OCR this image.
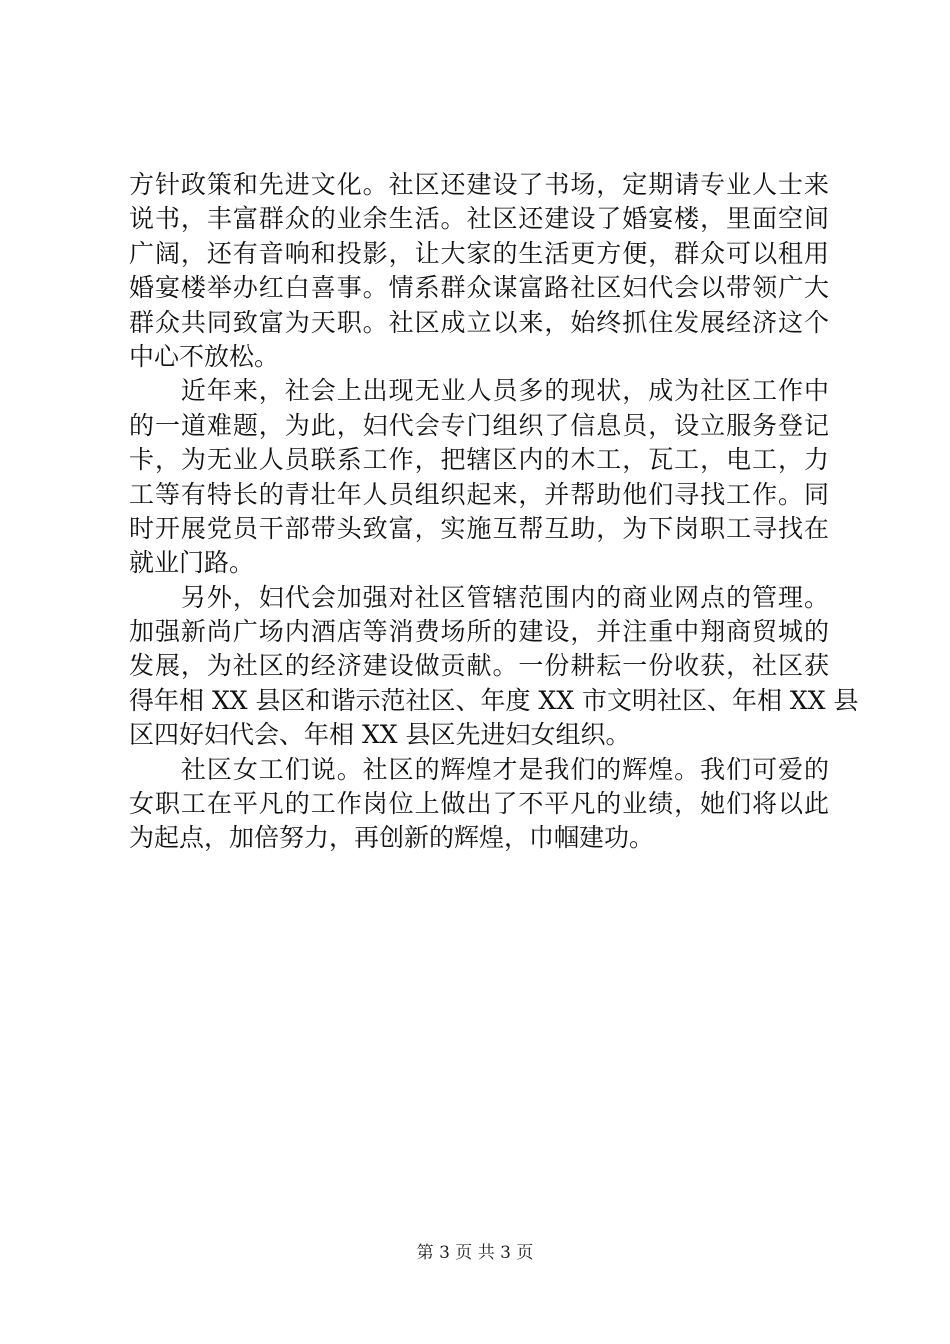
方针政策和先进文化。社区还建设了书场，定期请专业人士来
说书，丰富群众的业余生活。社区还建设了婚宴楼，里面空间
广阔，还有音响和投影，让大家的生活更方便，群众可以租用
婚宴楼举办红白喜事。情系群众谋富路社区妇代会以带领广大
群众共同致富为天职。社区成立以来，始终抓住发展经济这个
中心不放松。
　　近年来，社会上出现无业人员多的现状，成为社区工作中
的一道难题，为此，妇代会专门组织了信息员，设立服务登记
卡，为无业人员联系工作，把辖区内的木工，瓦工，电工，力
工等有特长的青壮年人员组织起来，并帮助他们寻找工作。同
时开展党员干部带头致富，实施互帮互助，为下岗职工寻找在
就业门路。
　　另外，妇代会加强对社区管辖范围内的商业网点的管理。
加强新尚广场内酒店等消费场所的建设，并注重中翔商贸城的
发展，为社区的经济建设做贡献。一份耕耘一份收获，社区获
得年相 XX 县区和谐示范社区、年度 XX 市文明社区、年相 XX 县
区四好妇代会、年相 XX 县区先进妇女组织。
　　社区女工们说。社区的辉煌才是我们的辉煌。我们可爱的
女职工在平凡的工作岗位上做出了不平凡的业绩，她们将以此
为起点，加倍努力，再创新的辉煌，巾帼建功。
第 3 页 共 3 页
